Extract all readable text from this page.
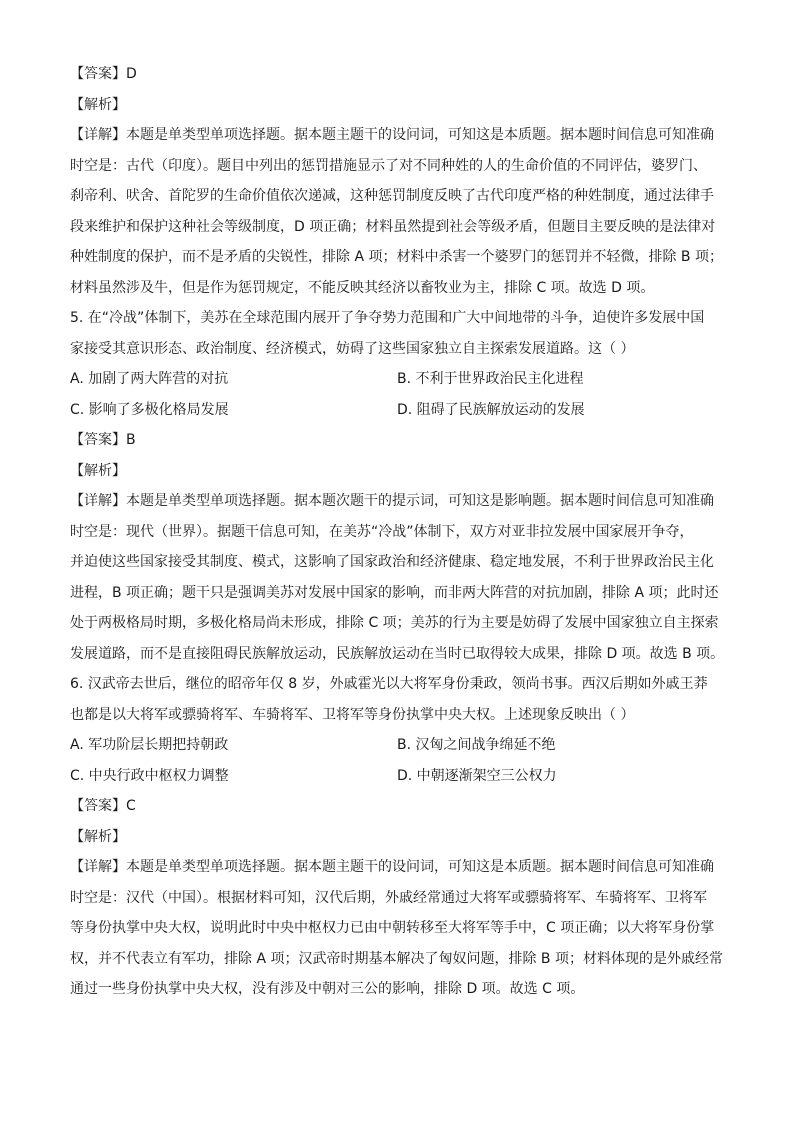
【答案】D
【解析】
【详解】本题是单类型单项选择题。据本题主题干的设问词，可知这是本质题。据本题时间信息可知准确
时空是：古代（印度）。题目中列出的惩罚措施显示了对不同种姓的人的生命价值的不同评估，婆罗门、
刹帝利、吠舍、首陀罗的生命价值依次递减，这种惩罚制度反映了古代印度严格的种姓制度，通过法律手
段来维护和保护这种社会等级制度，D 项正确；材料虽然提到社会等级矛盾，但题目主要反映的是法律对
种姓制度的保护，而不是矛盾的尖锐性，排除 A 项；材料中杀害一个婆罗门的惩罚并不轻微，排除 B 项；
材料虽然涉及牛，但是作为惩罚规定，不能反映其经济以畜牧业为主，排除 C 项。故选 D 项。
5. 在“冷战”体制下，美苏在全球范围内展开了争夺势力范围和广大中间地带的斗争，迫使许多发展中国
家接受其意识形态、政治制度、经济模式，妨碍了这些国家独立自主探索发展道路。这（ ）
A. 加剧了两大阵营的对抗	B. 不利于世界政治民主化进程
C. 影响了多极化格局发展	D. 阻碍了民族解放运动的发展
【答案】B
【解析】
【详解】本题是单类型单项选择题。据本题次题干的提示词，可知这是影响题。据本题时间信息可知准确
时空是：现代（世界）。据题干信息可知，在美苏“冷战”体制下，双方对亚非拉发展中国家展开争夺，
并迫使这些国家接受其制度、模式，这影响了国家政治和经济健康、稳定地发展，不利于世界政治民主化
进程，B 项正确；题干只是强调美苏对发展中国家的影响，而非两大阵营的对抗加剧，排除 A 项；此时还
处于两极格局时期，多极化格局尚未形成，排除 C 项；美苏的行为主要是妨碍了发展中国家独立自主探索
发展道路，而不是直接阻碍民族解放运动，民族解放运动在当时已取得较大成果，排除 D 项。故选 B 项。
6. 汉武帝去世后，继位的昭帝年仅 8 岁，外戚霍光以大将军身份秉政，领尚书事。西汉后期如外戚王莽
也都是以大将军或骠骑将军、车骑将军、卫将军等身份执掌中央大权。上述现象反映出（ ）
A. 军功阶层长期把持朝政	B. 汉匈之间战争绵延不绝
C. 中央行政中枢权力调整	D. 中朝逐渐架空三公权力
【答案】C
【解析】
【详解】本题是单类型单项选择题。据本题主题干的设问词，可知这是本质题。据本题时间信息可知准确
时空是：汉代（中国）。根据材料可知，汉代后期，外戚经常通过大将军或骠骑将军、车骑将军、卫将军
等身份执掌中央大权，说明此时中央中枢权力已由中朝转移至大将军等手中，C 项正确；以大将军身份掌
权，并不代表立有军功，排除 A 项；汉武帝时期基本解决了匈奴问题，排除 B 项；材料体现的是外戚经常
通过一些身份执掌中央大权，没有涉及中朝对三公的影响，排除 D 项。故选 C 项。
